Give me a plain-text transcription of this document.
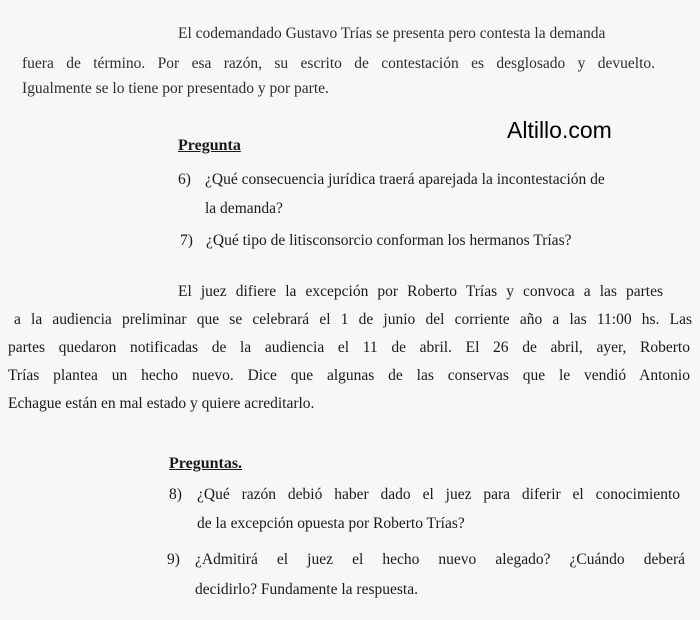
El codemandado Gustavo Trías se presenta pero contesta la demanda
fuera de término. Por esa razón, su escrito de contestación es desglosado y devuelto.
Igualmente se lo tiene por presentado y por parte.
Altillo.com
Pregunta
6) ¿Qué consecuencia jurídica traerá aparejada la incontestación de
la demanda?
7) ¿Qué tipo de litisconsorcio conforman los hermanos Trías?
El juez difiere la excepción por Roberto Trías y convoca a las partes
a la audiencia preliminar que se celebrará el 1 de junio del corriente año a las 11:00 hs. Las
partes quedaron notificadas de la audiencia el 11 de abril. El 26 de abril, ayer, Roberto
Trías plantea un hecho nuevo. Dice que algunas de las conservas que le vendió Antonio
Echague están en mal estado y quiere acreditarlo.
Preguntas.
8) ¿Qué razón debió haber dado el juez para diferir el conocimiento
de la excepción opuesta por Roberto Trías?
9) ¿Admitirá el juez el hecho nuevo alegado? ¿Cuándo deberá
decidirlo? Fundamente la respuesta.
